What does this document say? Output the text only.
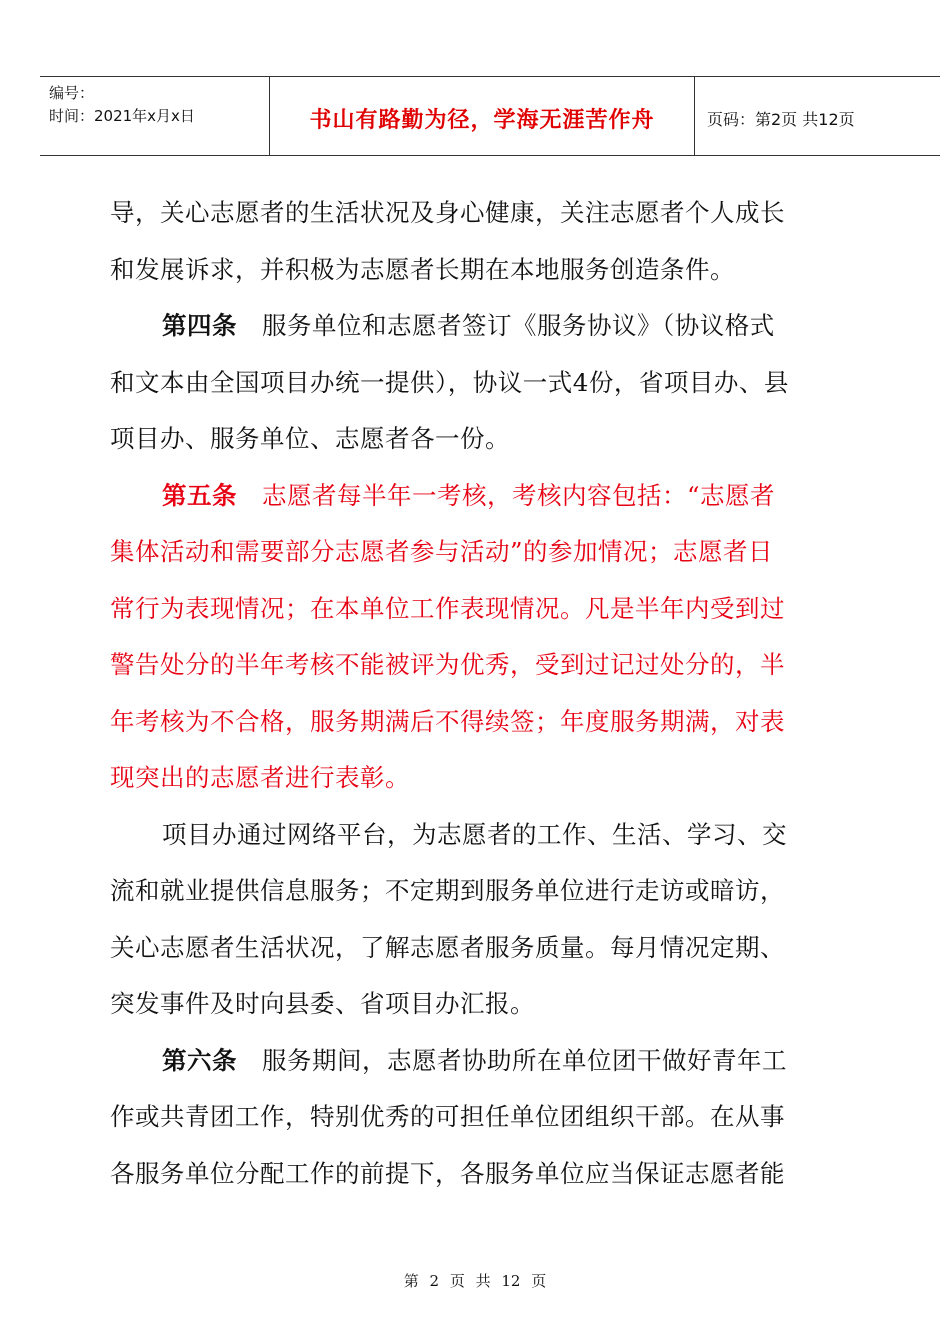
编号：
时间：2021年x月x日	书山有路勤为径，学海无涯苦作舟	页码：第2页 共12页
导，关心志愿者的生活状况及身心健康，关注志愿者个人成长
和发展诉求，并积极为志愿者长期在本地服务创造条件。
第四条　服务单位和志愿者签订《服务协议》（协议格式
和文本由全国项目办统一提供），协议一式4份，省项目办、县
项目办、服务单位、志愿者各一份。
第五条　志愿者每半年一考核，考核内容包括：“志愿者
集体活动和需要部分志愿者参与活动”的参加情况；志愿者日
常行为表现情况；在本单位工作表现情况。凡是半年内受到过
警告处分的半年考核不能被评为优秀，受到过记过处分的，半
年考核为不合格，服务期满后不得续签；年度服务期满，对表
现突出的志愿者进行表彰。
项目办通过网络平台，为志愿者的工作、生活、学习、交
流和就业提供信息服务；不定期到服务单位进行走访或暗访，
关心志愿者生活状况，了解志愿者服务质量。每月情况定期、
突发事件及时向县委、省项目办汇报。
第六条　服务期间，志愿者协助所在单位团干做好青年工
作或共青团工作，特别优秀的可担任单位团组织干部。在从事
各服务单位分配工作的前提下，各服务单位应当保证志愿者能
第 2 页 共 12 页
